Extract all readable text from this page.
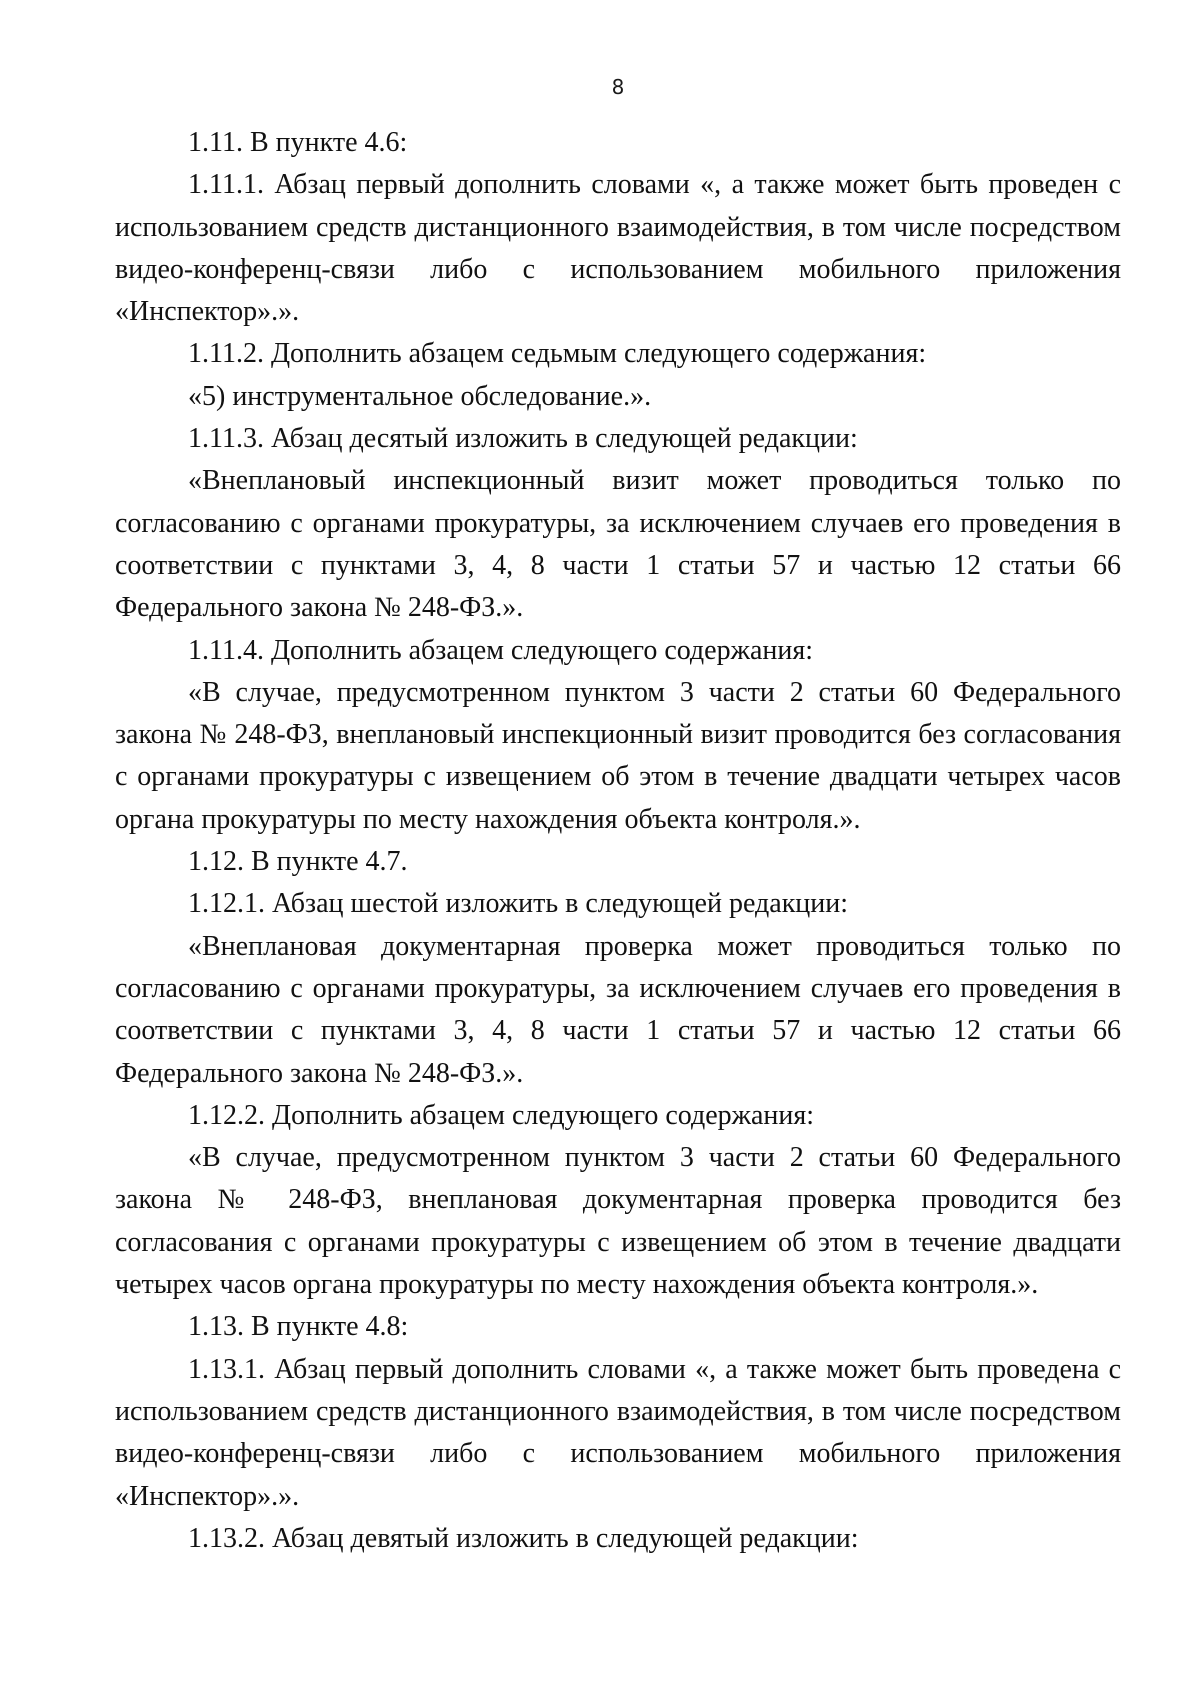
8

1.11. В пункте 4.6:

1.11.1. Абзац первый дополнить словами «, а также может быть проведен с использованием средств дистанционного взаимодействия, в том числе посредством видео-конференц-связи либо с использованием мобильного приложения «Инспектор».».

1.11.2. Дополнить абзацем седьмым следующего содержания:

«5) инструментальное обследование.».

1.11.3. Абзац десятый изложить в следующей редакции:

«Внеплановый инспекционный визит может проводиться только по согласованию с органами прокуратуры, за исключением случаев его проведения в соответствии с пунктами 3, 4, 8 части 1 статьи 57 и частью 12 статьи 66 Федерального закона № 248-ФЗ.».

1.11.4. Дополнить абзацем следующего содержания:

«В случае, предусмотренном пунктом 3 части 2 статьи 60 Федерального закона № 248-ФЗ, внеплановый инспекционный визит проводится без согласования с органами прокуратуры с извещением об этом в течение двадцати четырех часов органа прокуратуры по месту нахождения объекта контроля.».

1.12. В пункте 4.7.

1.12.1. Абзац шестой изложить в следующей редакции:

«Внеплановая документарная проверка может проводиться только по согласованию с органами прокуратуры, за исключением случаев его проведения в соответствии с пунктами 3, 4, 8 части 1 статьи 57 и частью 12 статьи 66 Федерального закона № 248-ФЗ.».

1.12.2. Дополнить абзацем следующего содержания:

«В случае, предусмотренном пунктом 3 части 2 статьи 60 Федерального закона № 248-ФЗ, внеплановая документарная проверка проводится без согласования с органами прокуратуры с извещением об этом в течение двадцати четырех часов органа прокуратуры по месту нахождения объекта контроля.».

1.13. В пункте 4.8:

1.13.1. Абзац первый дополнить словами «, а также может быть проведена с использованием средств дистанционного взаимодействия, в том числе посредством видео-конференц-связи либо с использованием мобильного приложения «Инспектор».».

1.13.2. Абзац девятый изложить в следующей редакции:
